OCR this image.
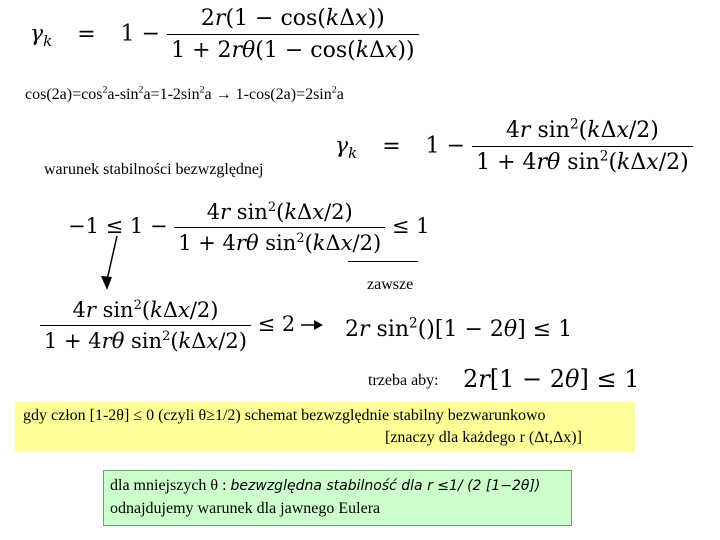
$\gamma_k = 1 - \frac{\text{2r(1 − cos(kΔx))}}{\text{1 + 2rθ(1 − cos(kΔx))}}$
$\cos(2a)=\cos^2a-\sin^2a=1-2\sin^2a \to 1-\cos(2a)=2\sin^2a$
$\gamma_k = 1 - \frac{4r \sin^2(k\Delta x/2)}{1 + 4r\theta \sin^2(k\Delta x/2)}$
warunek stabilności bezwzględnej
$-1 \le 1 - \frac{4r \sin^2(k\Delta x/2)}{1 + 4r\theta \sin^2(k\Delta x/2)} \le 1$
zawsze
$\frac{4r \sin^2(k\Delta x/2)}{1 + 4r\theta \sin^2(k\Delta x/2)} \le 2$ 2r $\sin^2()[1 - 2\theta] \le 1$
trzeba aby: 2r[1 − 2θ] ≤ 1
gdy człon [1-2θ] ≤ 0 (czyli θ≥1/2) schemat bezwzględnie stabilny bezwarunkowo
[znaczy dla każdego r (Δt,Δx)]
dla mniejszych θ : bezwzględna stabilność dla r ≤1/ (2 [1−2θ])
odnajdujemy warunek dla jawnego Eulera
